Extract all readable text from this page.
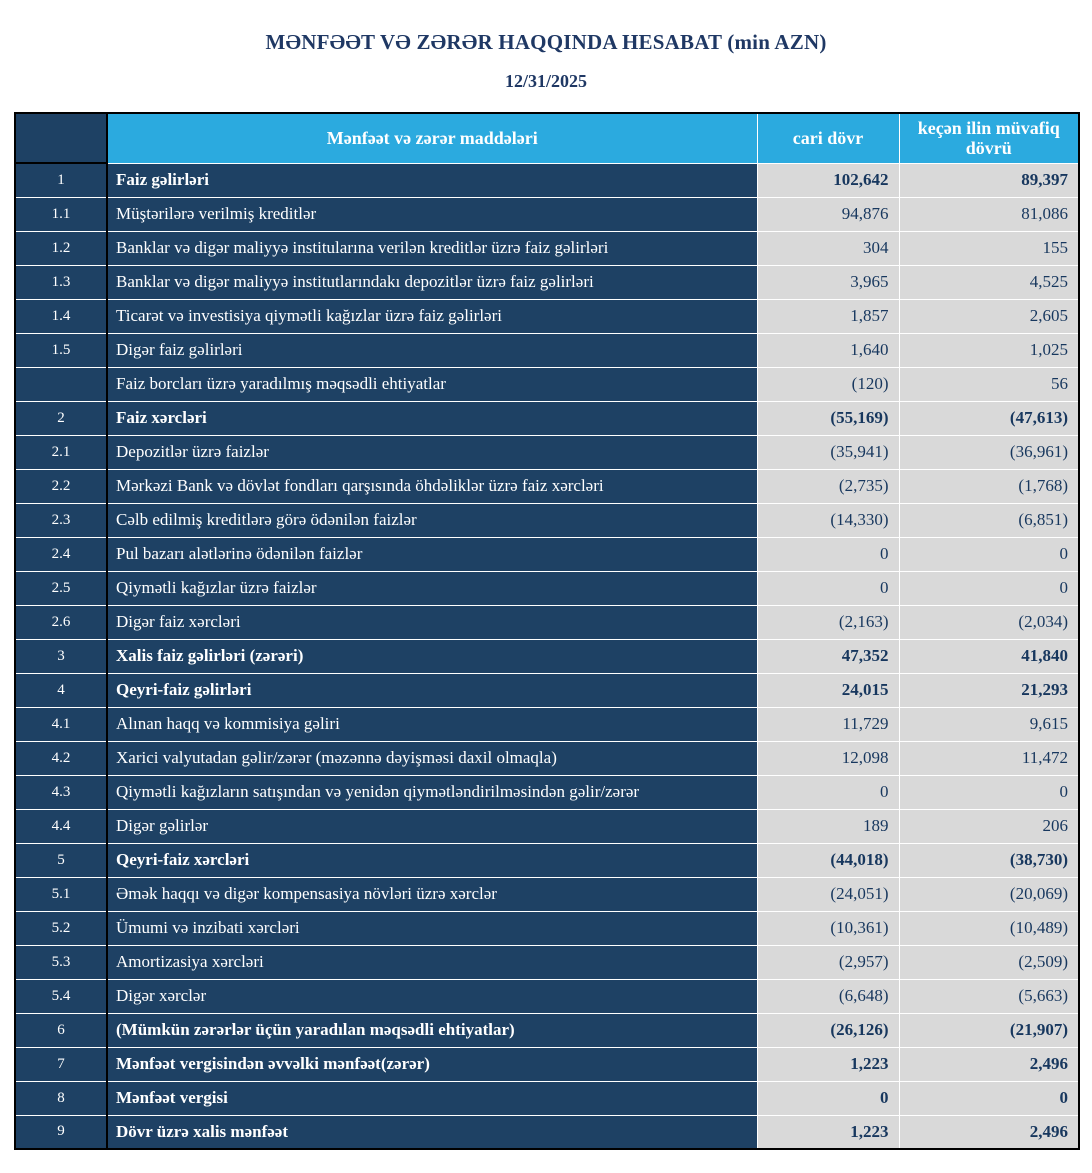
MƏNFƏƏT VƏ ZƏRƏR HAQQINDA HESABAT (min AZN)
12/31/2025
	Mənfəət və zərər maddələri	cari dövr	keçən ilin müvafiq dövrü
1	Faiz gəlirləri	102,642	89,397
1.1	Müştərilərə verilmiş kreditlər	94,876	81,086
1.2	Banklar və digər maliyyə institularına verilən kreditlər üzrə faiz gəlirləri	304	155
1.3	Banklar və digər maliyyə institutlarındakı depozitlər üzrə faiz gəlirləri	3,965	4,525
1.4	Ticarət və investisiya qiymətli kağızlar üzrə faiz gəlirləri	1,857	2,605
1.5	Digər faiz gəlirləri	1,640	1,025
	Faiz borcları üzrə yaradılmış məqsədli ehtiyatlar	(120)	56
2	Faiz xərcləri	(55,169)	(47,613)
2.1	Depozitlər üzrə faizlər	(35,941)	(36,961)
2.2	Mərkəzi Bank və dövlət fondları qarşısında öhdəliklər üzrə faiz xərcləri	(2,735)	(1,768)
2.3	Cəlb edilmiş kreditlərə görə ödənilən faizlər	(14,330)	(6,851)
2.4	Pul bazarı alətlərinə ödənilən faizlər	0	0
2.5	Qiymətli kağızlar üzrə faizlər	0	0
2.6	Digər faiz xərcləri	(2,163)	(2,034)
3	Xalis faiz gəlirləri (zərəri)	47,352	41,840
4	Qeyri-faiz gəlirləri	24,015	21,293
4.1	Alınan haqq və kommisiya gəliri	11,729	9,615
4.2	Xarici valyutadan gəlir/zərər (məzənnə dəyişməsi daxil olmaqla)	12,098	11,472
4.3	Qiymətli kağızların satışından və yenidən qiymətləndirilməsindən gəlir/zərər	0	0
4.4	Digər gəlirlər	189	206
5	Qeyri-faiz xərcləri	(44,018)	(38,730)
5.1	Əmək haqqı və digər kompensasiya növləri üzrə xərclər	(24,051)	(20,069)
5.2	Ümumi və inzibati xərcləri	(10,361)	(10,489)
5.3	Amortizasiya xərcləri	(2,957)	(2,509)
5.4	Digər xərclər	(6,648)	(5,663)
6	(Mümkün zərərlər üçün yaradılan məqsədli ehtiyatlar)	(26,126)	(21,907)
7	Mənfəət vergisindən əvvəlki mənfəət(zərər)	1,223	2,496
8	Mənfəət vergisi	0	0
9	Dövr üzrə xalis mənfəət	1,223	2,496
